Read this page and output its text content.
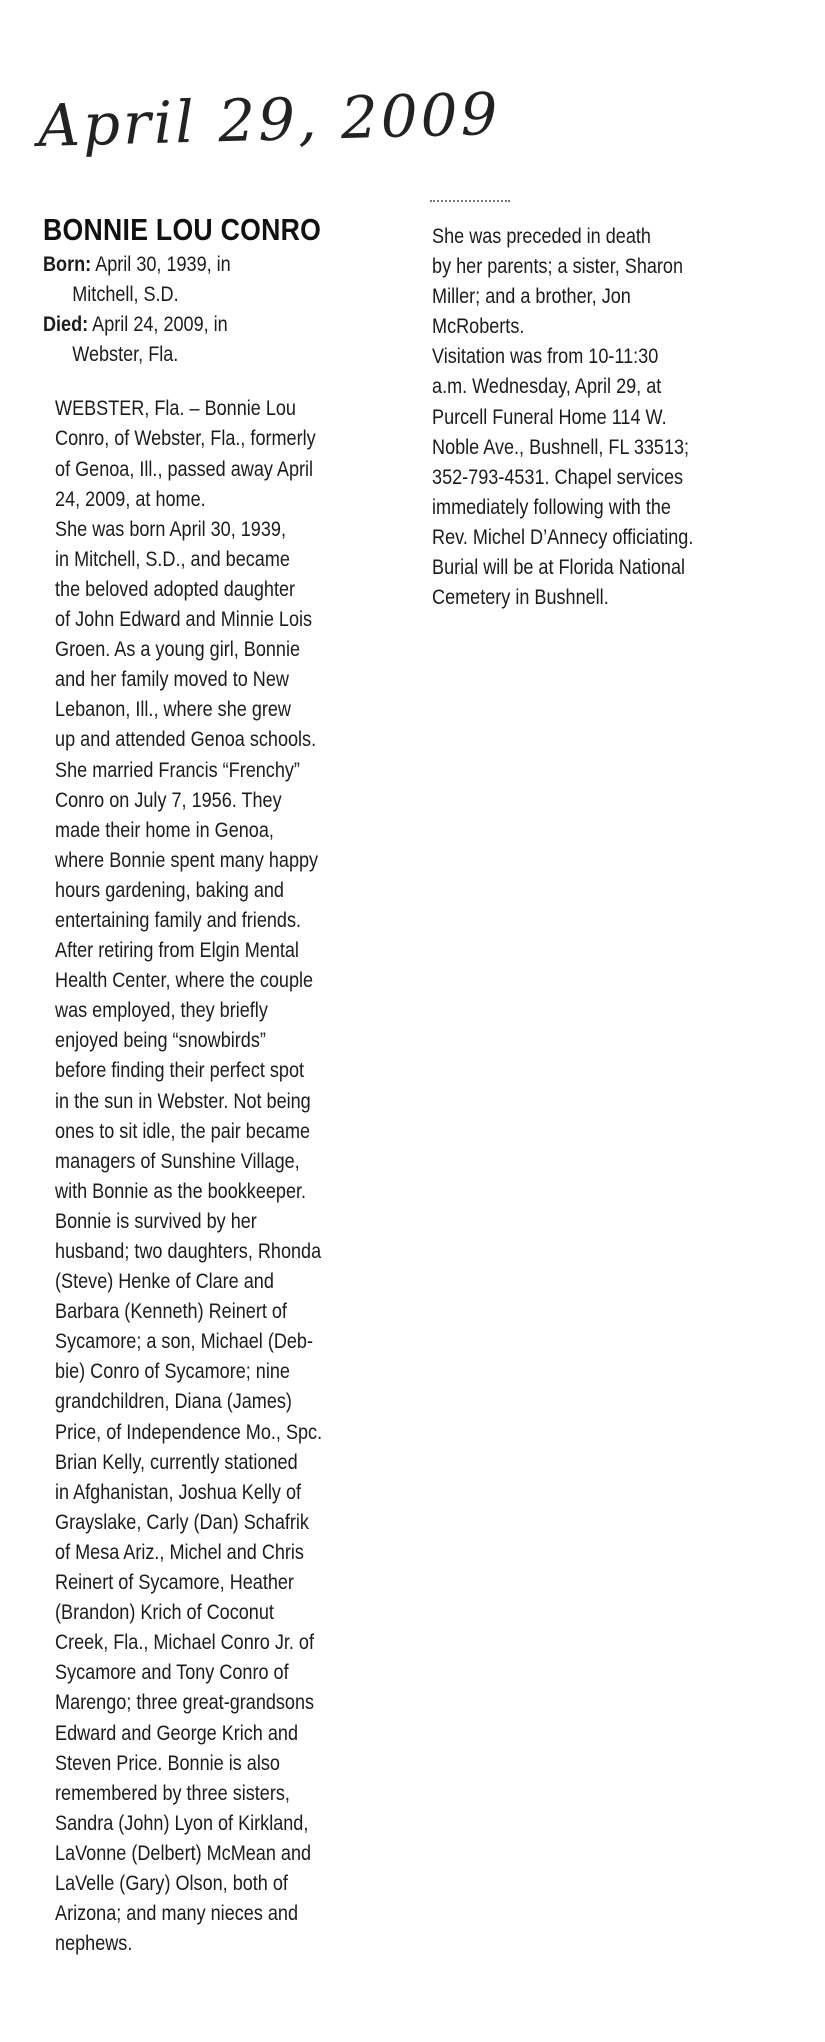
April 29, 2009
BONNIE LOU CONRO

Born: April 30, 1939, in
Mitchell, S.D.

Died: April 24, 2009, in
Webster, Fla.

WEBSTER, Fla. – Bonnie Lou
Conro, of Webster, Fla., formerly
of Genoa, Ill., passed away April
24, 2009, at home.

She was born April 30, 1939,
in Mitchell, S.D., and became
the beloved adopted daughter
of John Edward and Minnie Lois
Groen. As a young girl, Bonnie
and her family moved to New
Lebanon, Ill., where she grew
up and attended Genoa schools.
She married Francis “Frenchy”
Conro on July 7, 1956. They
made their home in Genoa,
where Bonnie spent many happy
hours gardening, baking and
entertaining family and friends.
After retiring from Elgin Mental
Health Center, where the couple
was employed, they briefly
enjoyed being “snowbirds”
before finding their perfect spot
in the sun in Webster. Not being
ones to sit idle, the pair became
managers of Sunshine Village,
with Bonnie as the bookkeeper.

Bonnie is survived by her
husband; two daughters, Rhonda
(Steve) Henke of Clare and
Barbara (Kenneth) Reinert of
Sycamore; a son, Michael (Deb-
bie) Conro of Sycamore; nine
grandchildren, Diana (James)
Price, of Independence Mo., Spc.
Brian Kelly, currently stationed
in Afghanistan, Joshua Kelly of
Grayslake, Carly (Dan) Schafrik
of Mesa Ariz., Michel and Chris
Reinert of Sycamore, Heather
(Brandon) Krich of Coconut
Creek, Fla., Michael Conro Jr. of
Sycamore and Tony Conro of
Marengo; three great-grandsons
Edward and George Krich and
Steven Price. Bonnie is also
remembered by three sisters,
Sandra (John) Lyon of Kirkland,
LaVonne (Delbert) McMean and
LaVelle (Gary) Olson, both of
Arizona; and many nieces and
nephews.

She was preceded in death
by her parents; a sister, Sharon
Miller; and a brother, Jon
McRoberts.

Visitation was from 10-11:30
a.m. Wednesday, April 29, at
Purcell Funeral Home 114 W.
Noble Ave., Bushnell, FL 33513;
352-793-4531. Chapel services
immediately following with the
Rev. Michel D’Annecy officiating.
Burial will be at Florida National
Cemetery in Bushnell.
